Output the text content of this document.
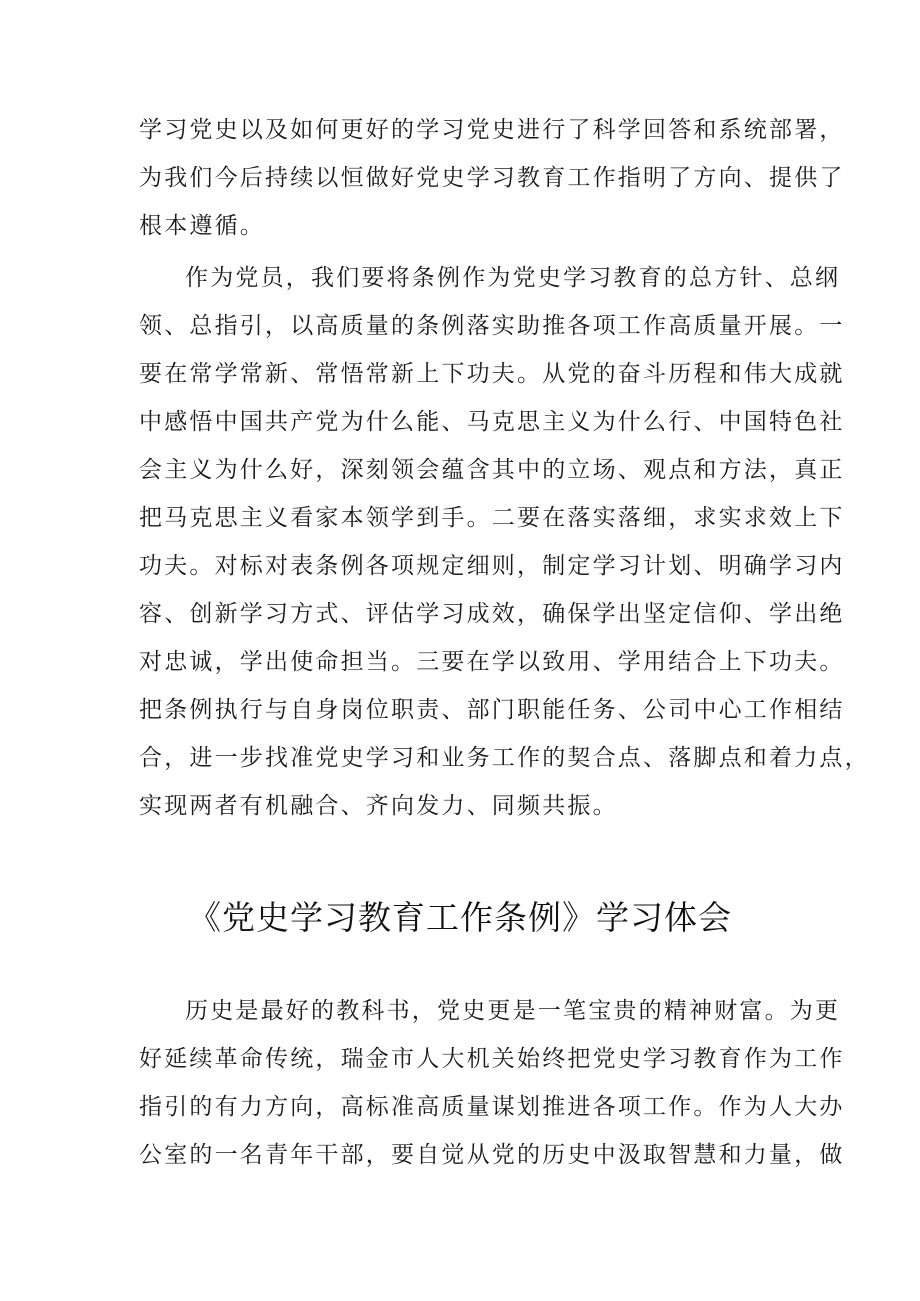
学习党史以及如何更好的学习党史进行了科学回答和系统部署，
为我们今后持续以恒做好党史学习教育工作指明了方向、提供了
根本遵循。
作为党员，我们要将条例作为党史学习教育的总方针、总纲
领、总指引，以高质量的条例落实助推各项工作高质量开展。一
要在常学常新、常悟常新上下功夫。从党的奋斗历程和伟大成就
中感悟中国共产党为什么能、马克思主义为什么行、中国特色社
会主义为什么好，深刻领会蕴含其中的立场、观点和方法，真正
把马克思主义看家本领学到手。二要在落实落细，求实求效上下
功夫。对标对表条例各项规定细则，制定学习计划、明确学习内
容、创新学习方式、评估学习成效，确保学出坚定信仰、学出绝
对忠诚，学出使命担当。三要在学以致用、学用结合上下功夫。
把条例执行与自身岗位职责、部门职能任务、公司中心工作相结
合，进一步找准党史学习和业务工作的契合点、落脚点和着力点，
实现两者有机融合、齐向发力、同频共振。
《党史学习教育工作条例》学习体会
历史是最好的教科书，党史更是一笔宝贵的精神财富。为更
好延续革命传统，瑞金市人大机关始终把党史学习教育作为工作
指引的有力方向，高标准高质量谋划推进各项工作。作为人大办
公室的一名青年干部，要自觉从党的历史中汲取智慧和力量，做
